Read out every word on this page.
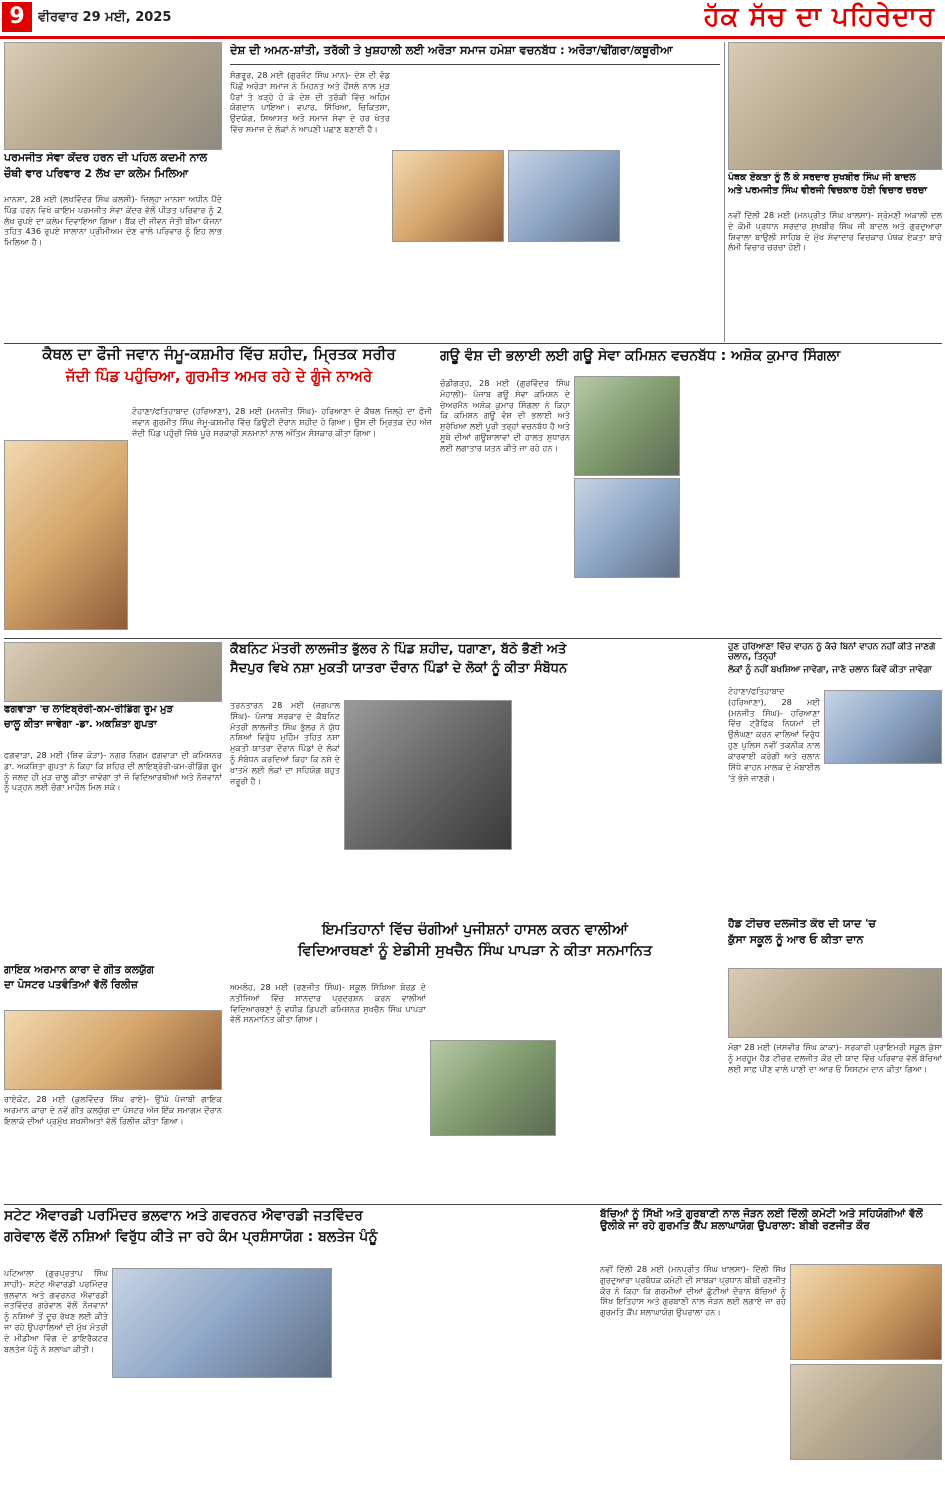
9	ਵੀਰਵਾਰ 29 ਮਈ, 2025	ਹੱਕ ਸੱਚ ਦਾ ਪਹਿਰੇਦਾਰ
ਪਰਮਜੀਤ ਸੇਵਾ ਕੇਂਦਰ ਹਰਨ ਦੀ ਪਹਿਲ ਕਦਮੀ ਨਾਲ
ਚੌਥੀ ਵਾਰ ਪਰਿਵਾਰ 2 ਲੱਖ ਦਾ ਕਲੇਮ ਮਿਲਿਆ
ਮਾਨਸਾ, 28 ਮਈ (ਲਖਵਿੰਦਰ ਸਿੰਘ ਕਲਸੀ)- ਜ਼ਿਲ੍ਹਾ ਮਾਨਸਾ ਅਧੀਨ ਪੈਂਦੇ ਪਿੰਡ ਹਰਨ ਵਿਖੇ ਕਾਇਮ ਪਰਮਜੀਤ ਸੇਵਾ ਕੇਂਦਰ ਵੱਲੋਂ ਪੀੜਤ ਪਰਿਵਾਰ ਨੂੰ 2 ਲੱਖ ਰੁਪਏ ਦਾ ਕਲੇਮ ਦਿਵਾਇਆ ਗਿਆ। ਬੈਂਕ ਦੀ ਜੀਵਨ ਜੋਤੀ ਬੀਮਾ ਯੋਜਨਾ ਤਹਿਤ 436 ਰੁਪਏ ਸਾਲਾਨਾ ਪ੍ਰੀਮੀਅਮ ਦੇਣ ਵਾਲੇ ਪਰਿਵਾਰ ਨੂੰ ਇਹ ਲਾਭ ਮਿਲਿਆ ਹੈ।
ਦੇਸ਼ ਦੀ ਅਮਨ-ਸ਼ਾਂਤੀ, ਤਰੱਕੀ ਤੇ ਖੁਸ਼ਹਾਲੀ ਲਈ ਅਰੋੜਾ ਸਮਾਜ ਹਮੇਸ਼ਾ ਵਚਨਬੱਧ : ਅਰੋੜਾ/ਢੀਂਗਰਾ/ਕਥੂਰੀਆ
ਸੰਗਰੂਰ, 28 ਮਈ (ਗੁਰਜੰਟ ਸਿੰਘ ਮਾਨ)- ਦੇਸ਼ ਦੀ ਵੰਡ ਪਿੱਛੋਂ ਅਰੋੜਾ ਸਮਾਜ ਨੇ ਮਿਹਨਤ ਅਤੇ ਹੌਂਸਲੇ ਨਾਲ ਮੁੜ ਪੈਰਾਂ ਤੇ ਖੜ੍ਹੇ ਹੋ ਕੇ ਦੇਸ਼ ਦੀ ਤਰੱਕੀ ਵਿੱਚ ਅਹਿਮ ਯੋਗਦਾਨ ਪਾਇਆ। ਵਪਾਰ, ਸਿੱਖਿਆ, ਚਿਕਿਤਸਾ, ਉਦਯੋਗ, ਸਿਆਸਤ ਅਤੇ ਸਮਾਜ ਸੇਵਾ ਦੇ ਹਰ ਖੇਤਰ ਵਿੱਚ ਸਮਾਜ ਦੇ ਲੋਕਾਂ ਨੇ ਆਪਣੀ ਪਛਾਣ ਬਣਾਈ ਹੈ।
ਪੰਥਕ ਏਕਤਾ ਨੂੰ ਲੈ ਕੇ ਸਰਦਾਰ ਸੁਖਬੀਰ ਸਿੰਘ ਜੀ ਬਾਦਲ
ਅਤੇ ਪਰਮਜੀਤ ਸਿੰਘ ਵੀਰਜੀ ਵਿਚਕਾਰ ਹੋਈ ਵਿਚਾਰ ਚਰਚਾ
ਨਵੀਂ ਦਿੱਲੀ 28 ਮਈ (ਮਨਪ੍ਰੀਤ ਸਿੰਘ ਖਾਲਸਾ)- ਸ਼੍ਰੋਮਣੀ ਅਕਾਲੀ ਦਲ ਦੇ ਕੌਮੀ ਪ੍ਰਧਾਨ ਸਰਦਾਰ ਸੁਖਬੀਰ ਸਿੰਘ ਜੀ ਬਾਦਲ ਅਤੇ ਗੁਰਦੁਆਰਾ ਸ਼ਿਵਾਲਾ ਬਾਉਲੀ ਸਾਹਿਬ ਦੇ ਮੁੱਖ ਸੇਵਾਦਾਰ ਵਿਚਕਾਰ ਪੰਥਕ ਏਕਤਾ ਬਾਰੇ ਲੰਮੀ ਵਿਚਾਰ ਚਰਚਾ ਹੋਈ।
ਕੈਥਲ ਦਾ ਫੌਜੀ ਜਵਾਨ ਜੰਮੂ-ਕਸ਼ਮੀਰ ਵਿੱਚ ਸ਼ਹੀਦ, ਮ੍ਰਿਤਕ ਸਰੀਰ
ਜੱਦੀ ਪਿੰਡ ਪਹੁੰਚਿਆ, ਗੁਰਮੀਤ ਅਮਰ ਰਹੇ ਦੇ ਗੂੰਜੇ ਨਾਅਰੇ
ਟੋਹਾਣਾ/ਫਤਿਹਾਬਾਦ (ਹਰਿਆਣਾ), 28 ਮਈ (ਮਨਜੀਤ ਸਿੰਘ)- ਹਰਿਆਣਾ ਦੇ ਕੈਥਲ ਜ਼ਿਲ੍ਹੇ ਦਾ ਫੌਜੀ ਜਵਾਨ ਗੁਰਮੀਤ ਸਿੰਘ ਜੰਮੂ-ਕਸ਼ਮੀਰ ਵਿੱਚ ਡਿਊਟੀ ਦੌਰਾਨ ਸ਼ਹੀਦ ਹੋ ਗਿਆ। ਉਸ ਦੀ ਮ੍ਰਿਤਕ ਦੇਹ ਅੱਜ ਜੱਦੀ ਪਿੰਡ ਪਹੁੰਚੀ ਜਿੱਥੇ ਪੂਰੇ ਸਰਕਾਰੀ ਸਨਮਾਨਾਂ ਨਾਲ ਅੰਤਿਮ ਸੰਸਕਾਰ ਕੀਤਾ ਗਿਆ।
ਗਊ ਵੰਸ਼ ਦੀ ਭਲਾਈ ਲਈ ਗਊ ਸੇਵਾ ਕਮਿਸ਼ਨ ਵਚਨਬੱਧ : ਅਸ਼ੋਕ ਕੁਮਾਰ ਸਿੰਗਲਾ
ਚੰਡੀਗੜ੍ਹ, 28 ਮਈ (ਗੁਰਵਿੰਦਰ ਸਿੰਘ ਮੋਹਾਲੀ)- ਪੰਜਾਬ ਗਊ ਸੇਵਾ ਕਮਿਸ਼ਨ ਦੇ ਚੇਅਰਮੈਨ ਅਸ਼ੋਕ ਕੁਮਾਰ ਸਿੰਗਲਾ ਨੇ ਕਿਹਾ ਕਿ ਕਮਿਸ਼ਨ ਗਊ ਵੰਸ਼ ਦੀ ਭਲਾਈ ਅਤੇ ਸੁਰੱਖਿਆ ਲਈ ਪੂਰੀ ਤਰ੍ਹਾਂ ਵਚਨਬੱਧ ਹੈ ਅਤੇ ਸੂਬੇ ਦੀਆਂ ਗਊਸ਼ਾਲਾਵਾਂ ਦੀ ਹਾਲਤ ਸੁਧਾਰਨ ਲਈ ਲਗਾਤਾਰ ਯਤਨ ਕੀਤੇ ਜਾ ਰਹੇ ਹਨ।
ਫਗਵਾੜਾ 'ਚ ਲਾਇਬ੍ਰੇਰੀ-ਕਮ-ਰੀਡਿੰਗ ਰੂਮ ਮੁੜ
ਚਾਲੂ ਕੀਤਾ ਜਾਵੇਗਾ -ਡਾ. ਅਕਸ਼ਿਤਾ ਗੁਪਤਾ
ਫਗਵਾੜਾ, 28 ਮਈ (ਸ਼ਿਵ ਕੋੜਾ)- ਨਗਰ ਨਿਗਮ ਫਗਵਾੜਾ ਦੀ ਕਮਿਸ਼ਨਰ ਡਾ. ਅਕਸ਼ਿਤਾ ਗੁਪਤਾ ਨੇ ਕਿਹਾ ਕਿ ਸ਼ਹਿਰ ਦੀ ਲਾਇਬ੍ਰੇਰੀ-ਕਮ-ਰੀਡਿੰਗ ਰੂਮ ਨੂੰ ਜਲਦ ਹੀ ਮੁੜ ਚਾਲੂ ਕੀਤਾ ਜਾਵੇਗਾ ਤਾਂ ਜੋ ਵਿਦਿਆਰਥੀਆਂ ਅਤੇ ਨੌਜਵਾਨਾਂ ਨੂੰ ਪੜ੍ਹਨ ਲਈ ਚੰਗਾ ਮਾਹੌਲ ਮਿਲ ਸਕੇ।
ਕੈਬਨਿਟ ਮੰਤਰੀ ਲਾਲਜੀਤ ਭੁੱਲਰ ਨੇ ਪਿੰਡ ਸ਼ਹੀਦ, ਧਗਾਣਾ, ਬੱਠੇ ਭੈਣੀ ਅਤੇ
ਸੈਦਪੁਰ ਵਿਖੇ ਨਸ਼ਾ ਮੁਕਤੀ ਯਾਤਰਾ ਦੌਰਾਨ ਪਿੰਡਾਂ ਦੇ ਲੋਕਾਂ ਨੂੰ ਕੀਤਾ ਸੰਬੋਧਨ
ਤਰਨਤਾਰਨ 28 ਮਈ (ਜਗਪਾਲ ਸਿੰਘ)- ਪੰਜਾਬ ਸਰਕਾਰ ਦੇ ਕੈਬਨਿਟ ਮੰਤਰੀ ਲਾਲਜੀਤ ਸਿੰਘ ਭੁੱਲਰ ਨੇ ਯੁੱਧ ਨਸ਼ਿਆਂ ਵਿਰੁੱਧ ਮੁਹਿੰਮ ਤਹਿਤ ਨਸ਼ਾ ਮੁਕਤੀ ਯਾਤਰਾ ਦੌਰਾਨ ਪਿੰਡਾਂ ਦੇ ਲੋਕਾਂ ਨੂੰ ਸੰਬੋਧਨ ਕਰਦਿਆਂ ਕਿਹਾ ਕਿ ਨਸ਼ੇ ਦੇ ਖਾਤਮੇ ਲਈ ਲੋਕਾਂ ਦਾ ਸਹਿਯੋਗ ਬਹੁਤ ਜ਼ਰੂਰੀ ਹੈ।
ਹੁਣ ਹਰਿਆਣਾ ਵਿੱਚ ਵਾਹਨ ਨੂੰ ਕੱਚੇ ਬਿਨਾਂ ਵਾਹਨ ਨਹੀਂ ਕੀਤੇ ਜਾਣਗੇ ਚਲਾਨ, ਤਿਨ੍ਹਾਂ
ਲੋਕਾਂ ਨੂੰ ਨਹੀਂ ਬਖਸ਼ਿਆ ਜਾਵੇਗਾ, ਜਾਣੋ ਚਲਾਨ ਕਿਵੇਂ ਕੀਤਾ ਜਾਵੇਗਾ
ਟੋਹਾਣਾ/ਫਤਿਹਾਬਾਦ (ਹਰਿਆਣਾ), 28 ਮਈ (ਮਨਜੀਤ ਸਿੰਘ)- ਹਰਿਆਣਾ ਵਿੱਚ ਟ੍ਰੈਫਿਕ ਨਿਯਮਾਂ ਦੀ ਉਲੰਘਣਾ ਕਰਨ ਵਾਲਿਆਂ ਵਿਰੁੱਧ ਹੁਣ ਪੁਲਿਸ ਨਵੀਂ ਤਕਨੀਕ ਨਾਲ ਕਾਰਵਾਈ ਕਰੇਗੀ ਅਤੇ ਚਲਾਨ ਸਿੱਧੇ ਵਾਹਨ ਮਾਲਕ ਦੇ ਮੋਬਾਈਲ 'ਤੇ ਭੇਜੇ ਜਾਣਗੇ।
ਗਾਇਕ ਅਰਮਾਨ ਕਾਰਾ ਦੇ ਗੀਤ ਕਲਯੁੱਗ
ਦਾ ਪੋਸਟਰ ਪਤਵੰਤਿਆਂ ਵੱਲੋਂ ਰਿਲੀਜ਼
ਰਾਏਕੋਟ, 28 ਮਈ (ਕੁਲਵਿੰਦਰ ਸਿੰਘ ਰਾਏ)- ਉੱਘੇ ਪੰਜਾਬੀ ਗਾਇਕ ਅਰਮਾਨ ਕਾਰਾ ਦੇ ਨਵੇਂ ਗੀਤ ਕਲਯੁੱਗ ਦਾ ਪੋਸਟਰ ਅੱਜ ਇੱਕ ਸਮਾਗਮ ਦੌਰਾਨ ਇਲਾਕੇ ਦੀਆਂ ਪ੍ਰਮੁੱਖ ਸ਼ਖਸੀਅਤਾਂ ਵੱਲੋਂ ਰਿਲੀਜ਼ ਕੀਤਾ ਗਿਆ।
ਇਮਤਿਹਾਨਾਂ ਵਿੱਚ ਚੰਗੀਆਂ ਪੁਜੀਸ਼ਨਾਂ ਹਾਸਲ ਕਰਨ ਵਾਲੀਆਂ
ਵਿਦਿਆਰਥਣਾਂ ਨੂੰ ਏਡੀਸੀ ਸੁਖਚੈਨ ਸਿੰਘ ਪਾਪੜਾ ਨੇ ਕੀਤਾ ਸਨਮਾਨਿਤ
ਅਮਲੋਹ, 28 ਮਈ (ਰਣਜੀਤ ਸਿੰਘ)- ਸਕੂਲ ਸਿੱਖਿਆ ਬੋਰਡ ਦੇ ਨਤੀਜਿਆਂ ਵਿੱਚ ਸ਼ਾਨਦਾਰ ਪ੍ਰਦਰਸ਼ਨ ਕਰਨ ਵਾਲੀਆਂ ਵਿਦਿਆਰਥਣਾਂ ਨੂੰ ਵਧੀਕ ਡਿਪਟੀ ਕਮਿਸ਼ਨਰ ਸੁਖਚੈਨ ਸਿੰਘ ਪਾਪੜਾ ਵੱਲੋਂ ਸਨਮਾਨਿਤ ਕੀਤਾ ਗਿਆ।
ਹੈਡ ਟੀਚਰ ਦਲਜੀਤ ਕੌਰ ਦੀ ਯਾਦ 'ਚ
ਕੁੱਸਾ ਸਕੂਲ ਨੂੰ ਆਰ ਓ ਕੀਤਾ ਦਾਨ
ਮੋਗਾ 28 ਮਈ (ਜਸਵੀਰ ਸਿੰਘ ਕਾਕਾ)- ਸਰਕਾਰੀ ਪ੍ਰਾਇਮਰੀ ਸਕੂਲ ਕੁੱਸਾ ਨੂੰ ਮਰਹੂਮ ਹੈਡ ਟੀਚਰ ਦਲਜੀਤ ਕੌਰ ਦੀ ਯਾਦ ਵਿੱਚ ਪਰਿਵਾਰ ਵੱਲੋਂ ਬੱਚਿਆਂ ਲਈ ਸਾਫ਼ ਪੀਣ ਵਾਲੇ ਪਾਣੀ ਦਾ ਆਰ ਓ ਸਿਸਟਮ ਦਾਨ ਕੀਤਾ ਗਿਆ।
ਸਟੇਟ ਐਵਾਰਡੀ ਪਰਮਿੰਦਰ ਭਲਵਾਨ ਅਤੇ ਗਵਰਨਰ ਐਵਾਰਡੀ ਜਤਵਿੰਦਰ
ਗਰੇਵਾਲ ਵੱਲੋਂ ਨਸ਼ਿਆਂ ਵਿਰੁੱਧ ਕੀਤੇ ਜਾ ਰਹੇ ਕੰਮ ਪ੍ਰਸ਼ੰਸਾਯੋਗ : ਬਲਤੇਜ ਪੰਨੂੰ
ਪਟਿਆਲਾ (ਗੁਰਪ੍ਰਤਾਪ ਸਿੰਘ ਸਾਹੀ)- ਸਟੇਟ ਐਵਾਰਡੀ ਪਰਮਿੰਦਰ ਭਲਵਾਨ ਅਤੇ ਗਵਰਨਰ ਐਵਾਰਡੀ ਜਤਵਿੰਦਰ ਗਰੇਵਾਲ ਵੱਲੋਂ ਨੌਜਵਾਨਾਂ ਨੂੰ ਨਸ਼ਿਆਂ ਤੋਂ ਦੂਰ ਰੱਖਣ ਲਈ ਕੀਤੇ ਜਾ ਰਹੇ ਉਪਰਾਲਿਆਂ ਦੀ ਮੁੱਖ ਮੰਤਰੀ ਦੇ ਮੀਡੀਆ ਵਿੰਗ ਦੇ ਡਾਇਰੈਕਟਰ ਬਲਤੇਜ ਪੰਨੂੰ ਨੇ ਸ਼ਲਾਘਾ ਕੀਤੀ।
ਬੱਚਿਆਂ ਨੂੰ ਸਿੱਖੀ ਅਤੇ ਗੁਰਬਾਣੀ ਨਾਲ ਜੋੜਨ ਲਈ ਦਿੱਲੀ ਕਮੇਟੀ ਅਤੇ ਸਹਿਯੋਗੀਆਂ ਵੱਲੋਂ ਉਲੀਕੇ ਜਾ ਰਹੇ ਗੁਰਮਤਿ ਕੈਂਪ ਸ਼ਲਾਘਾਯੋਗ ਉਪਰਾਲਾ: ਬੀਬੀ ਰਣਜੀਤ ਕੌਰ
ਨਵੀਂ ਦਿੱਲੀ 28 ਮਈ (ਮਨਪ੍ਰੀਤ ਸਿੰਘ ਖਾਲਸਾ)- ਦਿੱਲੀ ਸਿੱਖ ਗੁਰਦੁਆਰਾ ਪ੍ਰਬੰਧਕ ਕਮੇਟੀ ਦੀ ਸਾਬਕਾ ਪ੍ਰਧਾਨ ਬੀਬੀ ਰਣਜੀਤ ਕੌਰ ਨੇ ਕਿਹਾ ਕਿ ਗਰਮੀਆਂ ਦੀਆਂ ਛੁੱਟੀਆਂ ਦੌਰਾਨ ਬੱਚਿਆਂ ਨੂੰ ਸਿੱਖ ਇਤਿਹਾਸ ਅਤੇ ਗੁਰਬਾਣੀ ਨਾਲ ਜੋੜਨ ਲਈ ਲਗਾਏ ਜਾ ਰਹੇ ਗੁਰਮਤਿ ਕੈਂਪ ਸ਼ਲਾਘਾਯੋਗ ਉਪਰਾਲਾ ਹਨ।
